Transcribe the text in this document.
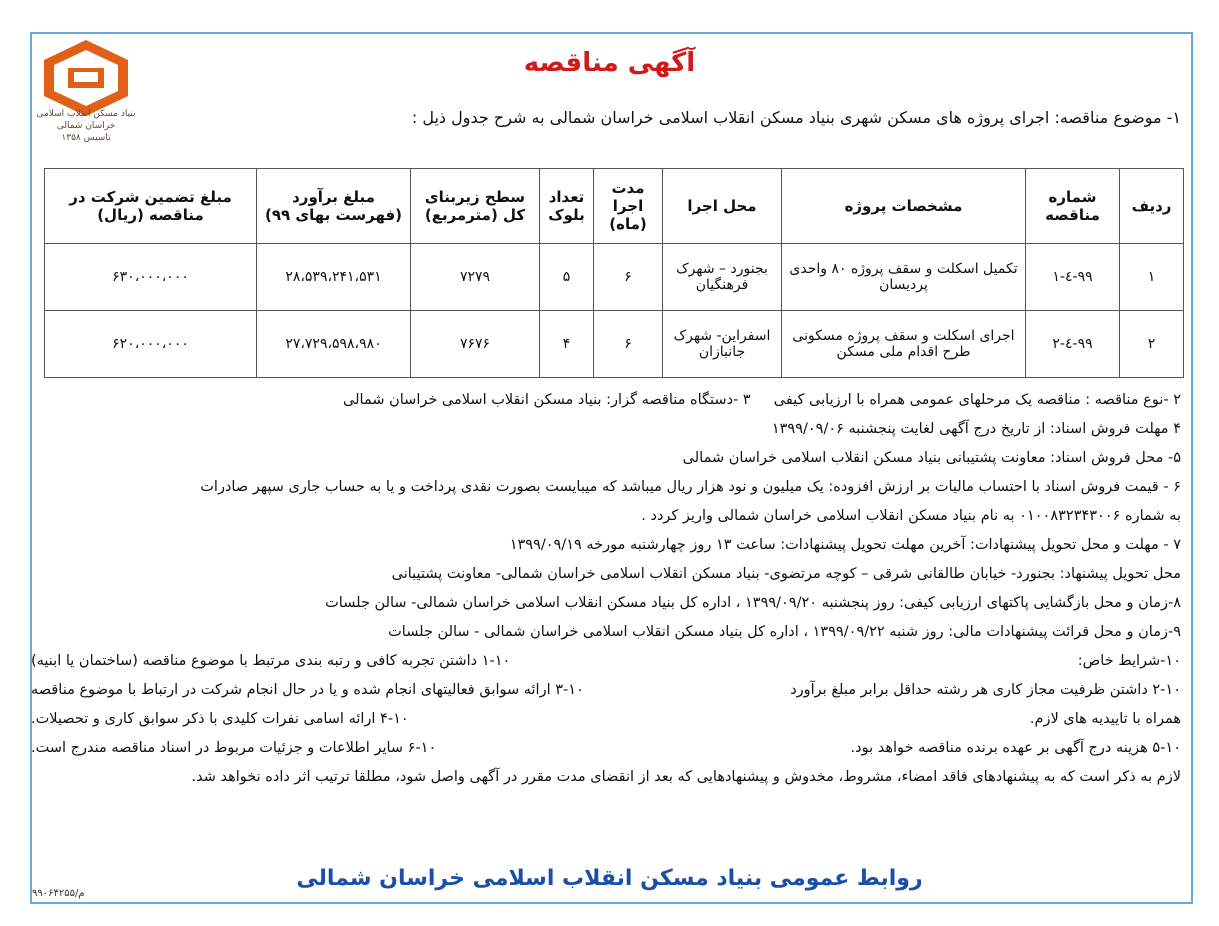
بنیاد مسکن انقلاب اسلامی
خراسان شمالی
تاسیس ۱۳۵۸
آگهی مناقصه
۱- موضوع مناقصه: اجرای پروژه های مسکن شهری بنیاد مسکن انقلاب اسلامی خراسان شمالی به شرح جدول ذیل :
ردیف	شماره مناقصه	مشخصات پروژه	محل اجرا	مدت اجرا (ماه)	تعداد بلوک	سطح زیربنای کل (مترمربع)	مبلغ برآورد (فهرست بهای ۹۹)	مبلغ تضمین شرکت در مناقصه (ریال)
۱	۹۹-٤-۱	تکمیل اسکلت و سقف پروژه ۸۰ واحدی پردیسان	بجنورد – شهرک فرهنگیان	۶	۵	۷۲۷۹	۲۸،۵۳۹،۲۴۱،۵۳۱	۶۳۰،۰۰۰،۰۰۰
۲	۹۹-٤-۲	اجرای اسکلت و سقف پروژه مسکونی طرح اقدام ملی مسکن	اسفراین- شهرک جانبازان	۶	۴	۷۶۷۶	۲۷،۷۲۹،۵۹۸،۹۸۰	۶۲۰،۰۰۰،۰۰۰
۲ -نوع مناقصه : مناقصه یک مرحلهای عمومی همراه با ارزیابی کیفی     ۳ -دستگاه مناقصه گزار: بنیاد مسکن انقلاب اسلامی خراسان شمالی
۴ مهلت فروش اسناد: از تاریخ درج آگهی لغایت پنجشنبه ۱۳۹۹/۰۹/۰۶
۵- محل فروش اسناد: معاونت پشتیبانی بنیاد مسکن انقلاب اسلامی خراسان شمالی
۶ - قیمت فروش اسناد با احتساب مالیات بر ارزش افزوده: یک میلیون و نود هزار ریال میباشد که میبایست بصورت نقدی پرداخت و یا به حساب جاری سپهر صادرات
به شماره ۰۱۰۰۸۳۲۳۴۳۰۰۶ به نام بنیاد مسکن انقلاب اسلامی خراسان شمالی واریز کردد .
۷ - مهلت و محل تحویل پیشنهادات: آخرین مهلت تحویل پیشنهادات: ساعت ۱۳ روز چهارشنبه مورخه ۱۳۹۹/۰۹/۱۹
محل تحویل پیشنهاد: بجنورد- خیابان طالقانی شرقی – کوچه مرتضوی- بنیاد مسکن انقلاب اسلامی خراسان شمالی- معاونت پشتیبانی
۸-زمان و محل بازگشایی پاکتهای ارزیابی کیفی: روز پنجشنبه ۱۳۹۹/۰۹/۲۰ ، اداره کل بنیاد مسکن انقلاب اسلامی خراسان شمالی- سالن جلسات
۹-زمان و محل قرائت پیشنهادات مالی: روز شنبه ۱۳۹۹/۰۹/۲۲ ، اداره کل بنیاد مسکن انقلاب اسلامی خراسان شمالی - سالن جلسات
۱۰-شرایط خاص:
۱-۱۰ داشتن تجربه کافی و رتبه بندی مرتبط با موضوع مناقصه (ساختمان یا ابنیه)
۲-۱۰ داشتن ظرفیت مجاز کاری هر رشته حداقل برابر مبلغ برآورد
۳-۱۰ ارائه سوابق فعالیتهای انجام شده و یا در حال انجام شرکت در ارتباط با موضوع مناقصه
همراه با تاییدیه های لازم.
۴-۱۰ ارائه اسامی نفرات کلیدی با ذکر سوابق کاری و تحصیلات.
۵-۱۰ هزینه درج آگهی بر عهده برنده مناقصه خواهد بود.
۶-۱۰ سایر اطلاعات و جزئیات مربوط در اسناد مناقصه مندرج است.
لازم به ذکر است که به پیشنهادهای فاقد امضاء، مشروط، مخدوش و پیشنهادهایی که بعد از انقضای مدت مقرر در آگهی واصل شود، مطلقا ترتیب اثر داده نخواهد شد.
روابط عمومی بنیاد مسکن انقلاب اسلامی خراسان شمالی
م/۹۹۰۶۴۲۵۵
